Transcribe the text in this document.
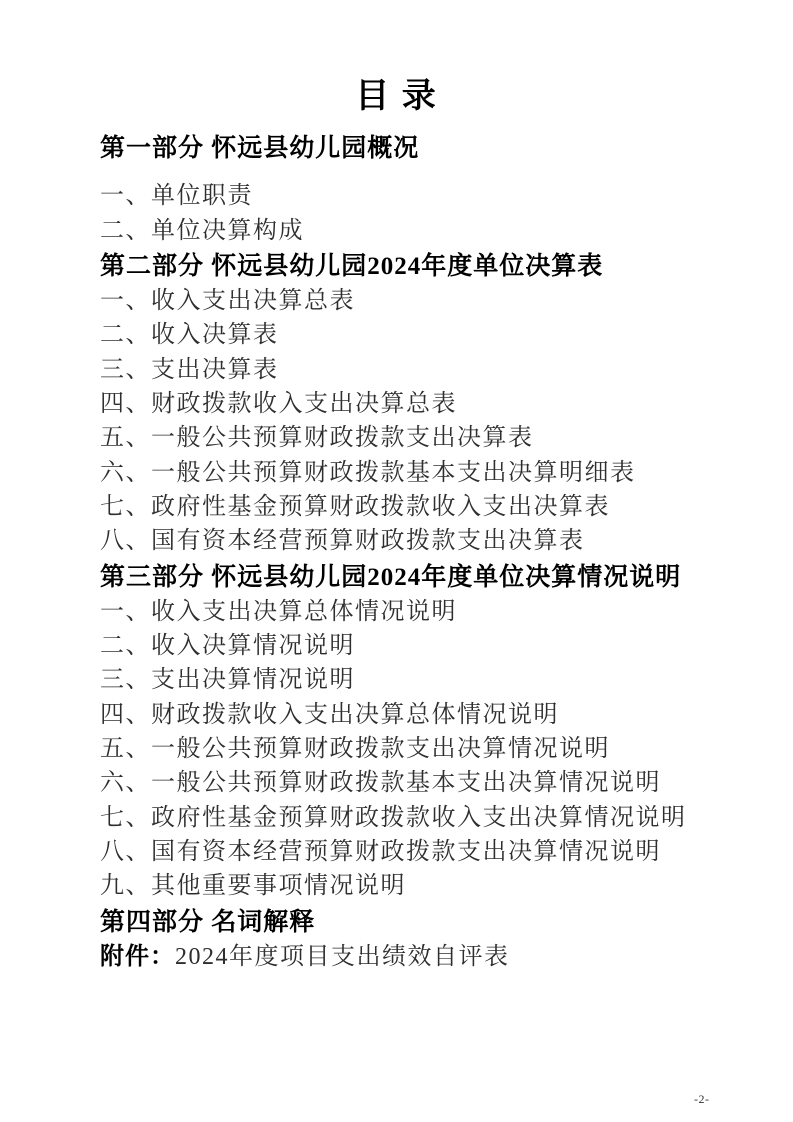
目 录
第一部分 怀远县幼儿园概况
一、单位职责
二、单位决算构成
第二部分 怀远县幼儿园2024年度单位决算表
一、收入支出决算总表
二、收入决算表
三、支出决算表
四、财政拨款收入支出决算总表
五、一般公共预算财政拨款支出决算表
六、一般公共预算财政拨款基本支出决算明细表
七、政府性基金预算财政拨款收入支出决算表
八、国有资本经营预算财政拨款支出决算表
第三部分 怀远县幼儿园2024年度单位决算情况说明
一、收入支出决算总体情况说明
二、收入决算情况说明
三、支出决算情况说明
四、财政拨款收入支出决算总体情况说明
五、一般公共预算财政拨款支出决算情况说明
六、一般公共预算财政拨款基本支出决算情况说明
七、政府性基金预算财政拨款收入支出决算情况说明
八、国有资本经营预算财政拨款支出决算情况说明
九、其他重要事项情况说明
第四部分 名词解释
附件：2024年度项目支出绩效自评表
-2-
